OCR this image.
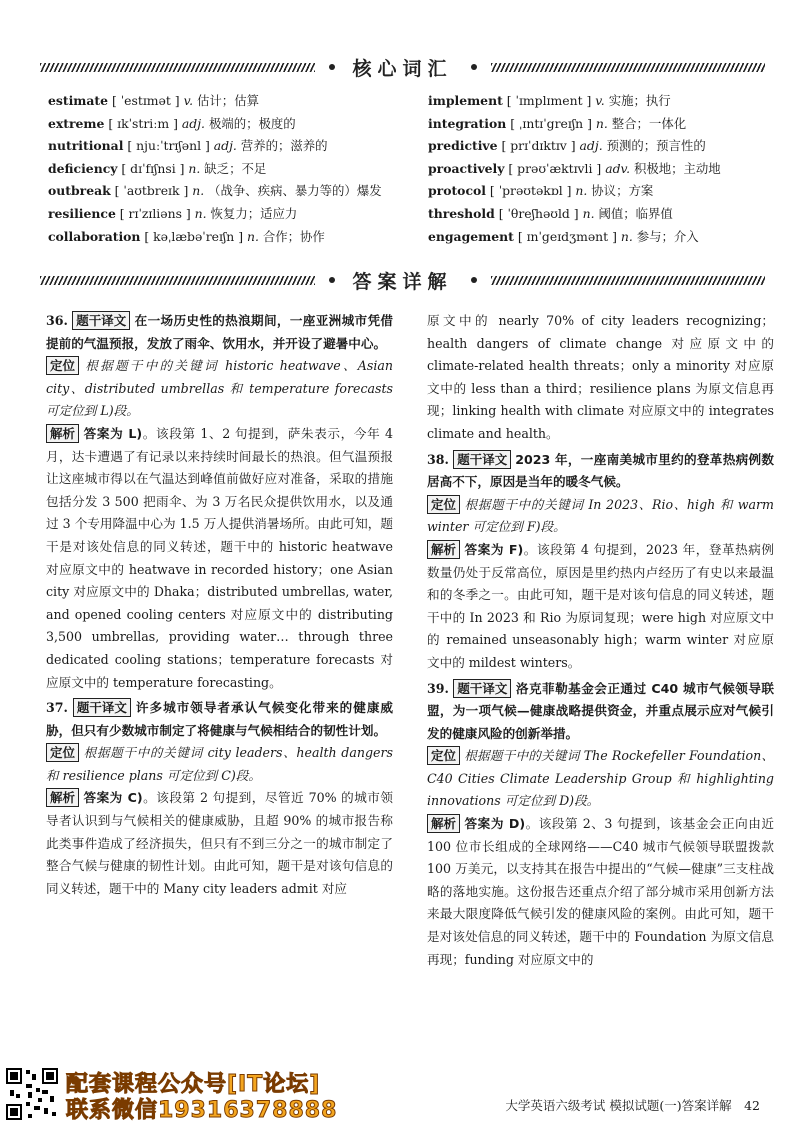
核心词汇
estimate [ ˈestɪmət ] v. 估计；估算
extreme [ ɪkˈstriːm ] adj. 极端的；极度的
nutritional [ njuːˈtrɪʃənl ] adj. 营养的；滋养的
deficiency [ dɪˈfɪʃnsi ] n. 缺乏；不足
outbreak [ ˈaʊtbreɪk ] n. （战争、疾病、暴力等的）爆发
resilience [ rɪˈzɪliəns ] n. 恢复力；适应力
collaboration [ kəˌlæbəˈreɪʃn ] n. 合作；协作
implement [ ˈɪmplɪment ] v. 实施；执行
integration [ ˌɪntɪˈgreɪʃn ] n. 整合；一体化
predictive [ prɪˈdɪktɪv ] adj. 预测的；预言性的
proactively [ prəʊˈæktɪvli ] adv. 积极地；主动地
protocol [ ˈprəʊtəkɒl ] n. 协议；方案
threshold [ ˈθreʃhəʊld ] n. 阈值；临界值
engagement [ ɪnˈgeɪdʒmənt ] n. 参与；介入
答案详解
36. 题干译文 在一场历史性的热浪期间，一座亚洲城市凭借提前的气温预报，发放了雨伞、饮用水，并开设了避暑中心。
定位 根据题干中的关键词 historic heatwave、Asian city、distributed umbrellas 和 temperature forecasts 可定位到 L)段。
解析 答案为 L)。该段第 1、2 句提到，萨朱表示，今年 4 月，达卡遭遇了有记录以来持续时间最长的热浪。但气温预报让这座城市得以在气温达到峰值前做好应对准备，采取的措施包括分发 3 500 把雨伞、为 3 万名民众提供饮用水，以及通过 3 个专用降温中心为 1.5 万人提供消暑场所。由此可知，题干是对该处信息的同义转述，题干中的 historic heatwave 对应原文中的 heatwave in recorded history；one Asian city 对应原文中的 Dhaka；distributed umbrellas, water, and opened cooling centers 对应原文中的 distributing 3,500 umbrellas, providing water… through three dedicated cooling stations；temperature forecasts 对应原文中的 temperature forecasting。
37. 题干译文 许多城市领导者承认气候变化带来的健康威胁，但只有少数城市制定了将健康与气候相结合的韧性计划。
定位 根据题干中的关键词 city leaders、health dangers 和 resilience plans 可定位到 C)段。
解析 答案为 C)。该段第 2 句提到，尽管近 70% 的城市领导者认识到与气候相关的健康威胁，且超 90% 的城市报告称此类事件造成了经济损失，但只有不到三分之一的城市制定了整合气候与健康的韧性计划。由此可知，题干是对该句信息的同义转述，题干中的 Many city leaders admit 对应
原文中的 nearly 70% of city leaders recognizing；health dangers of climate change 对应原文中的 climate-related health threats；only a minority 对应原文中的 less than a third；resilience plans 为原文信息再现；linking health with climate 对应原文中的 integrates climate and health。
38. 题干译文 2023 年，一座南美城市里约的登革热病例数居高不下，原因是当年的暖冬气候。
定位 根据题干中的关键词 In 2023、Rio、high 和 warm winter 可定位到 F)段。
解析 答案为 F)。该段第 4 句提到，2023 年，登革热病例数量仍处于反常高位，原因是里约热内卢经历了有史以来最温和的冬季之一。由此可知，题干是对该句信息的同义转述，题干中的 In 2023 和 Rio 为原词复现；were high 对应原文中的 remained unseasonably high；warm winter 对应原文中的 mildest winters。
39. 题干译文 洛克菲勒基金会正通过 C40 城市气候领导联盟，为一项气候—健康战略提供资金，并重点展示应对气候引发的健康风险的创新举措。
定位 根据题干中的关键词 The Rockefeller Foundation、C40 Cities Climate Leadership Group 和 highlighting innovations 可定位到 D)段。
解析 答案为 D)。该段第 2、3 句提到，该基金会正向由近 100 位市长组成的全球网络——C40 城市气候领导联盟拨款 100 万美元，以支持其在报告中提出的“气候—健康”三支柱战略的落地实施。这份报告还重点介绍了部分城市采用创新方法来最大限度降低气候引发的健康风险的案例。由此可知，题干是对该处信息的同义转述，题干中的 Foundation 为原文信息再现；funding 对应原文中的
配套课程公众号[IT论坛]
联系微信19316378888	大学英语六级考试 模拟试题(一)答案详解　42
